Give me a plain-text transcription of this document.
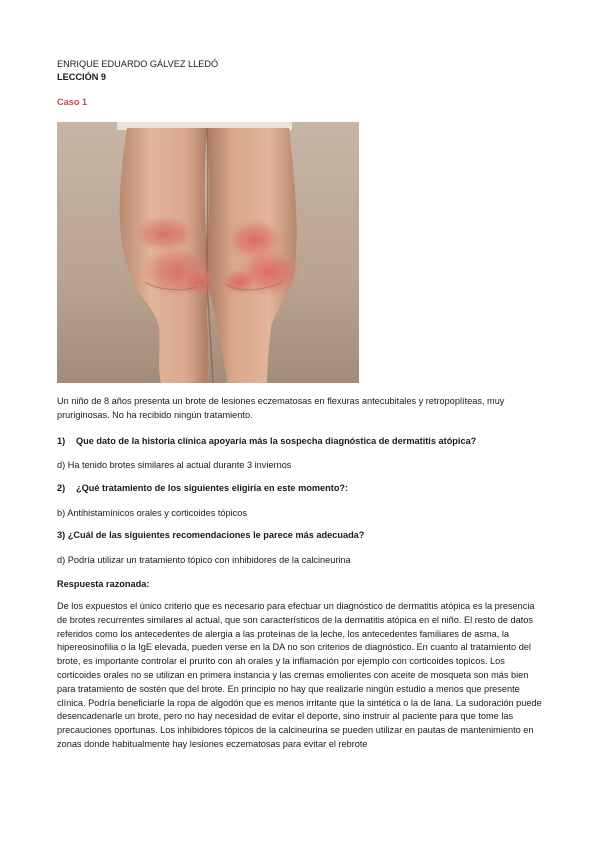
ENRIQUE EDUARDO GÁLVEZ LLEDÓ
LECCIÓN 9
Caso 1
Un niño de 8 años presenta un brote de lesiones eczematosas en flexuras antecubitales y retropoplíteas, muy pruriginosas. No ha recibido ningún tratamiento.
1) Que dato de la historia clínica apoyaría más la sospecha diagnóstica de dermatitis atópica?
d) Ha tenido brotes similares al actual durante 3 inviernos
2) ¿Qué tratamiento de los siguientes eligiría en este momento?:
b) Antihistamínicos orales y corticoides tópicos
3) ¿Cuál de las siguientes recomendaciones le parece más adecuada?
d) Podría utilizar un tratamiento tópico con inhibidores de la calcineurina
Respuesta razonada:
De los expuestos el único criterio que es necesario para efectuar un diagnóstico de dermatitis atópica es la presencia de brotes recurrentes similares al actual, que son característicos de la dermatitis atópica en el niño. El resto de datos referidos como los antecedentes de alergia a las proteínas de la leche, los antecedentes familiares de asma, la hipereosinofilia o la IgE elevada, pueden verse en la DA no son criterios de diagnóstico. En cuanto al tratamiento del brote, es importante controlar el prurito con ah orales y la inflamación por ejemplo con corticoides topicos. Los corticoides orales no se utilizan en primera instancia y las cremas emolientes con aceite de mosqueta son más bien para tratamiento de sostén que del brote. En principio no hay que realizarle ningún estudio a menos que presente clínica. Podría beneficiarle la ropa de algodón que es menos irritante que la sintética o la de lana. La sudoración puede desencadenarle un brote, pero no hay necesidad de evitar el deporte, sino instruir al paciente para que tome las precauciones oportunas. Los inhibidores tópicos de la calcineurina se pueden utilizar en pautas de mantenimiento en zonas donde habitualmente hay lesiones eczematosas para evitar el rebrote
